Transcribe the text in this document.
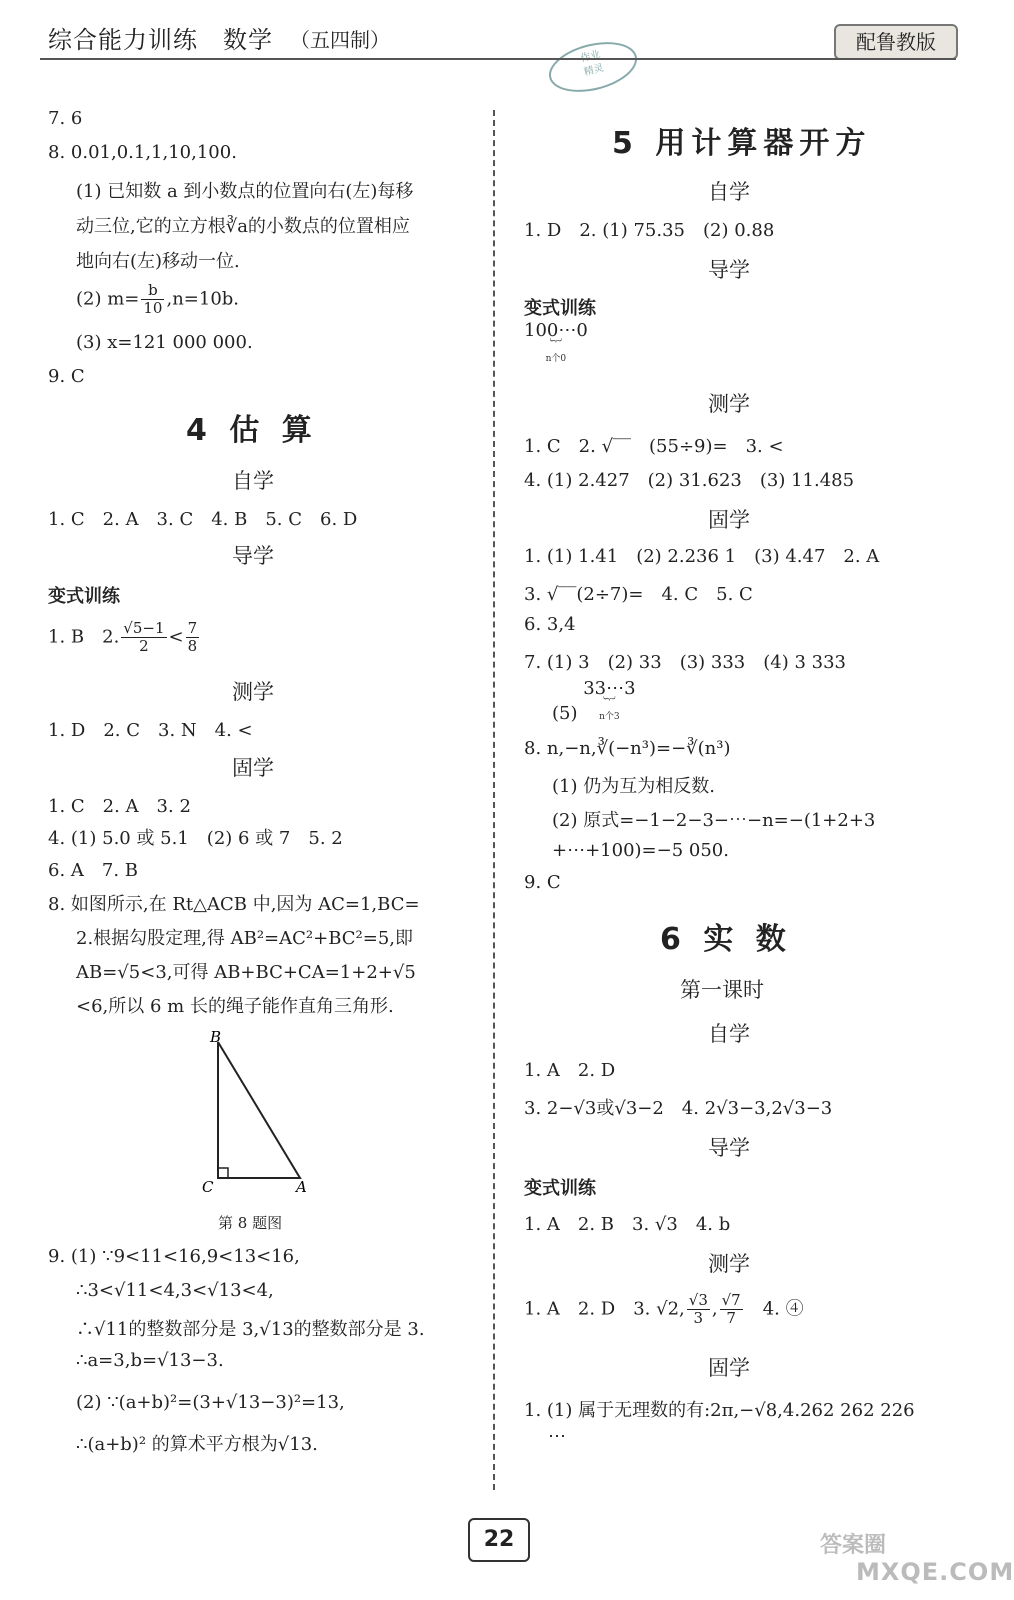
综合能力训练　数学 （五四制）	配鲁教版
作业
精灵
7. 6
8. 0.01,0.1,1,10,100.
(1) 已知数 a 到小数点的位置向右(左)每移
动三位,它的立方根∛a的小数点的位置相应
地向右(左)移动一位.
(2) $m= \frac{b}{10} ,n=10b$.
(3) x=121 000 000.
9. C
4 估 算
自学
1. C　2. A　3. C　4. B　5. C　6. D
导学
变式训练
1. B　2. $\frac{√5-1}{2} < \frac{7}{8}$
测学
1. D　2. C　3. N　4. <
固学
1. C　2. A　3. 2
4. (1) 5.0 或 5.1　(2) 6 或 7　5. 2
6. A　7. B
8. 如图所示,在 Rt△ACB 中,因为 AC=1,BC=
2.根据勾股定理,得 AB²=AC²+BC²=5,即
AB=√5<3,可得 AB+BC+CA=1+2+√5
<6,所以 6 m 长的绳子能作直角三角形.
B
C	A
第 8 题图
9. (1) ∵9<11<16,9<13<16,
∴3<√11<4,3<√13<4,
∴√11的整数部分是 3,√13的整数部分是 3.
∴a=3,b=√13−3.
(2) ∵(a+b)²=(3+√13−3)²=13,
∴(a+b)² 的算术平方根为√13.
5 用计算器开方
自学
1. D　2. (1) 75.35　(2) 0.88
导学
变式训练
100⋯0
︸
n个0
测学
1. C　2. √‾‾　(55÷9)=　3. <
4. (1) 2.427　(2) 31.623　(3) 11.485
固学
1. (1) 1.41　(2) 2.236 1　(3) 4.47　2. A
3. √‾‾(2÷7)=　4. C　5. C
6. 3,4
7. (1) 3　(2) 33　(3) 333　(4) 3 333
(5) 33⋯3
︸
n个3
8. n,−n,∛(−n³)=−∛(n³)
(1) 仍为互为相反数.
(2) 原式=−1−2−3−⋯−n=−(1+2+3
+⋯+100)=−5 050.
9. C
6 实 数
第一课时
自学
1. A　2. D
3. 2−√3或√3−2　4. 2√3−3,2√3−3
导学
变式训练
1. A　2. B　3. √3　4. b
测学
1. A　2. D　3. √2, $\frac{√3}{3}$ , $\frac{√7}{7}$ 　4. ④
固学
1. (1) 属于无理数的有:2π,−√8,4.262 262 226
⋯
22	答案圈
MXQE.COM
